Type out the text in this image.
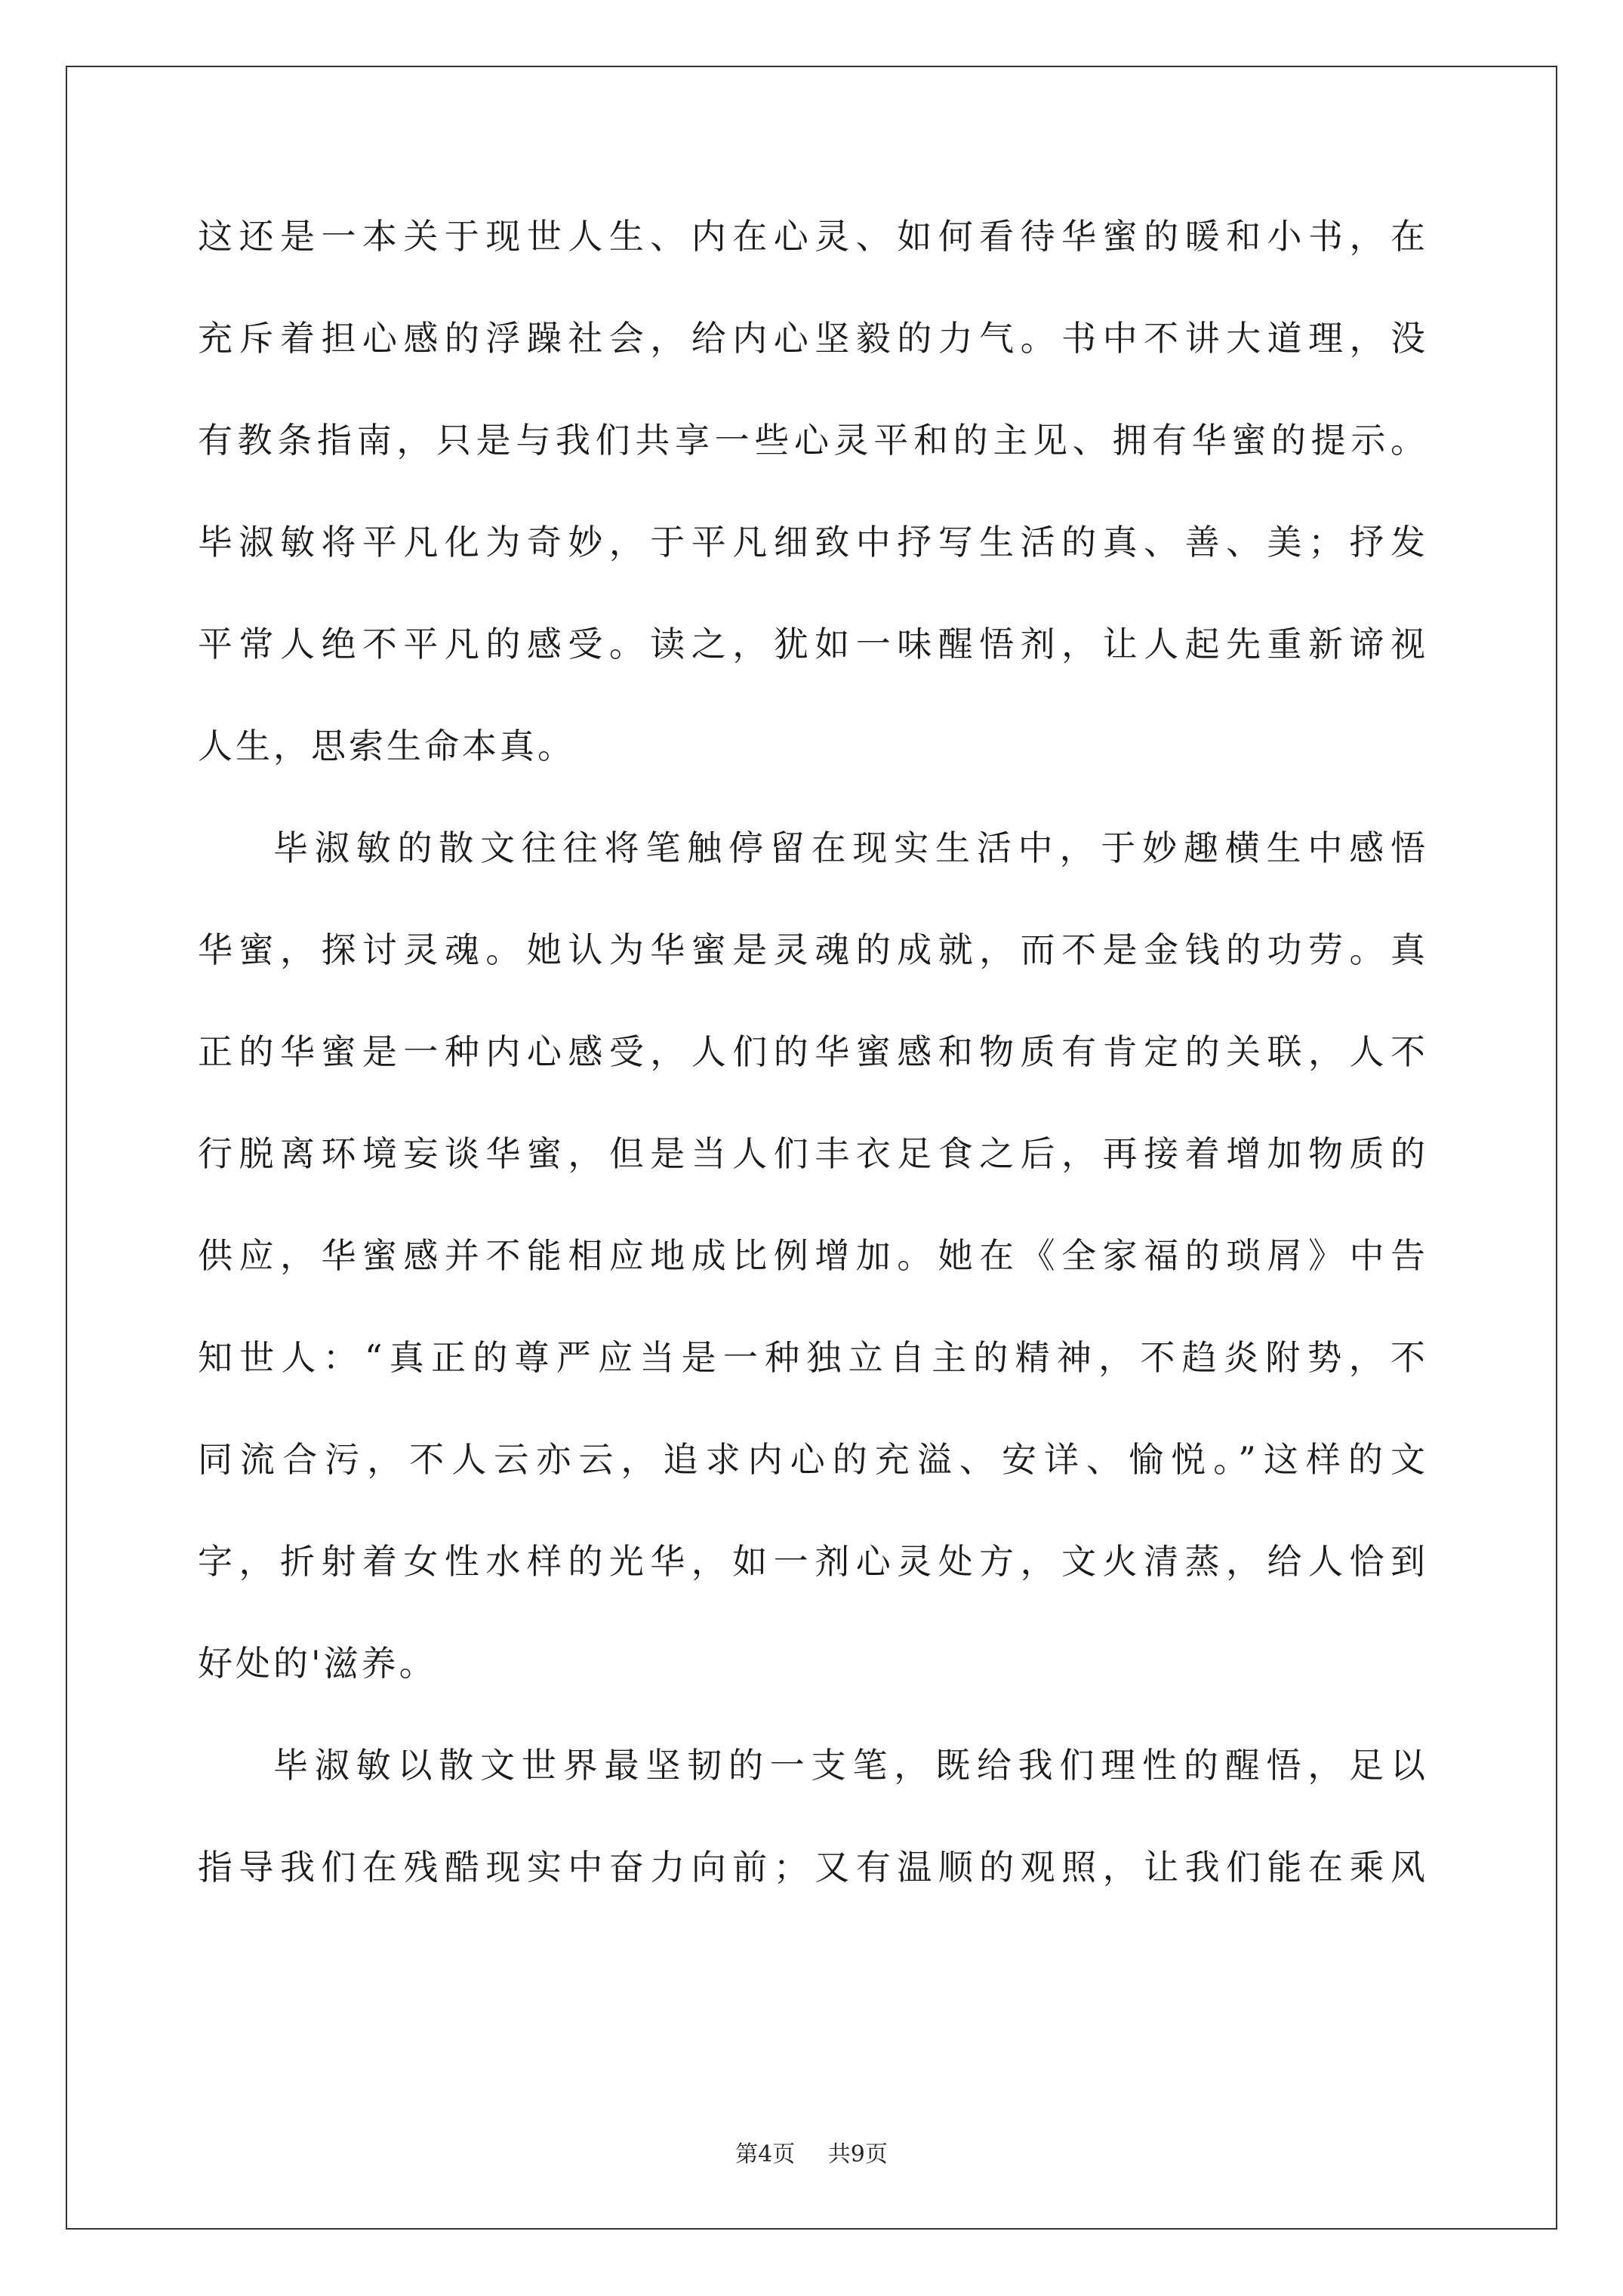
这还是一本关于现世人生、内在心灵、如何看待华蜜的暖和小书，在
充斥着担心感的浮躁社会，给内心坚毅的力气。书中不讲大道理，没
有教条指南，只是与我们共享一些心灵平和的主见、拥有华蜜的提示。
毕淑敏将平凡化为奇妙，于平凡细致中抒写生活的真、善、美；抒发
平常人绝不平凡的感受。读之，犹如一味醒悟剂，让人起先重新谛视
人生，思索生命本真。
毕淑敏的散文往往将笔触停留在现实生活中，于妙趣横生中感悟
华蜜，探讨灵魂。她认为华蜜是灵魂的成就，而不是金钱的功劳。真
正的华蜜是一种内心感受，人们的华蜜感和物质有肯定的关联，人不
行脱离环境妄谈华蜜，但是当人们丰衣足食之后，再接着增加物质的
供应，华蜜感并不能相应地成比例增加。她在《全家福的琐屑》中告
知世人：“真正的尊严应当是一种独立自主的精神，不趋炎附势，不
同流合污，不人云亦云，追求内心的充溢、安详、愉悦。”这样的文
字，折射着女性水样的光华，如一剂心灵处方，文火清蒸，给人恰到
好处的'滋养。
毕淑敏以散文世界最坚韧的一支笔，既给我们理性的醒悟，足以
指导我们在残酷现实中奋力向前；又有温顺的观照，让我们能在乘风
第4页 共9页
